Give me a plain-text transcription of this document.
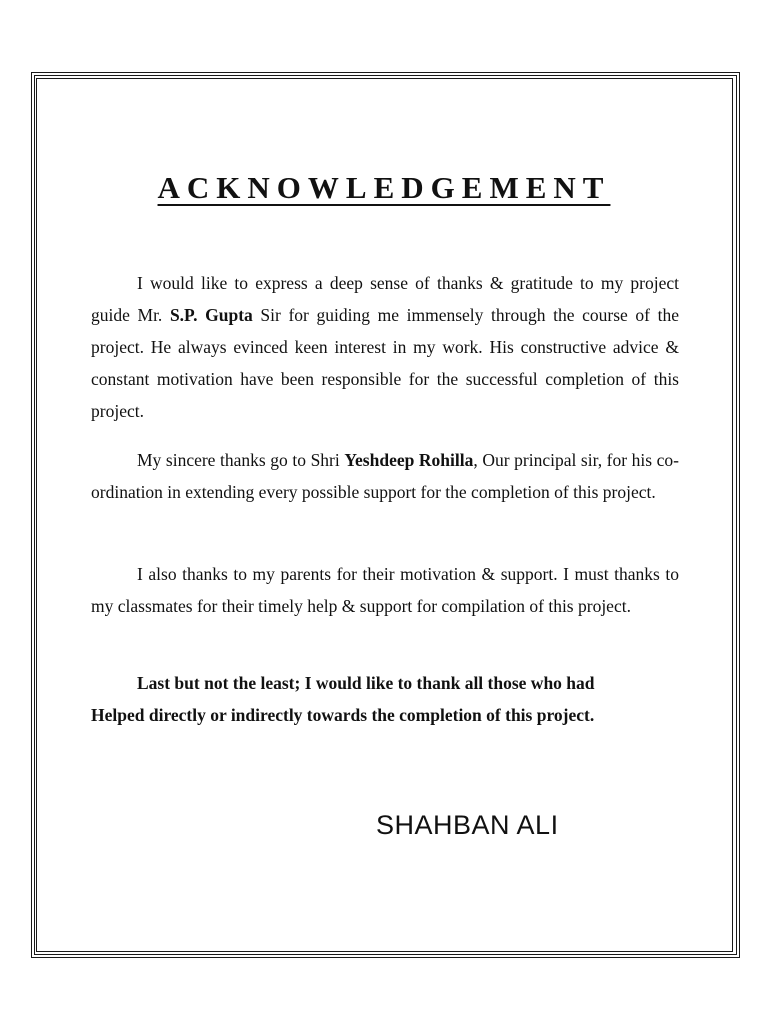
ACKNOWLEDGEMENT

I would like to express a deep sense of thanks & gratitude to my project guide Mr. S.P. Gupta Sir for guiding me immensely through the course of the project. He always evinced keen interest in my work. His constructive advice & constant motivation have been responsible for the successful completion of this project.

My sincere thanks go to Shri Yeshdeep Rohilla, Our principal sir, for his co-ordination in extending every possible support for the completion of this project.

I also thanks to my parents for their motivation & support. I must thanks to my classmates for their timely help & support for compilation of this project.

Last but not the least; I would like to thank all those who had
Helped directly or indirectly towards the completion of this project.

SHAHBAN ALI
